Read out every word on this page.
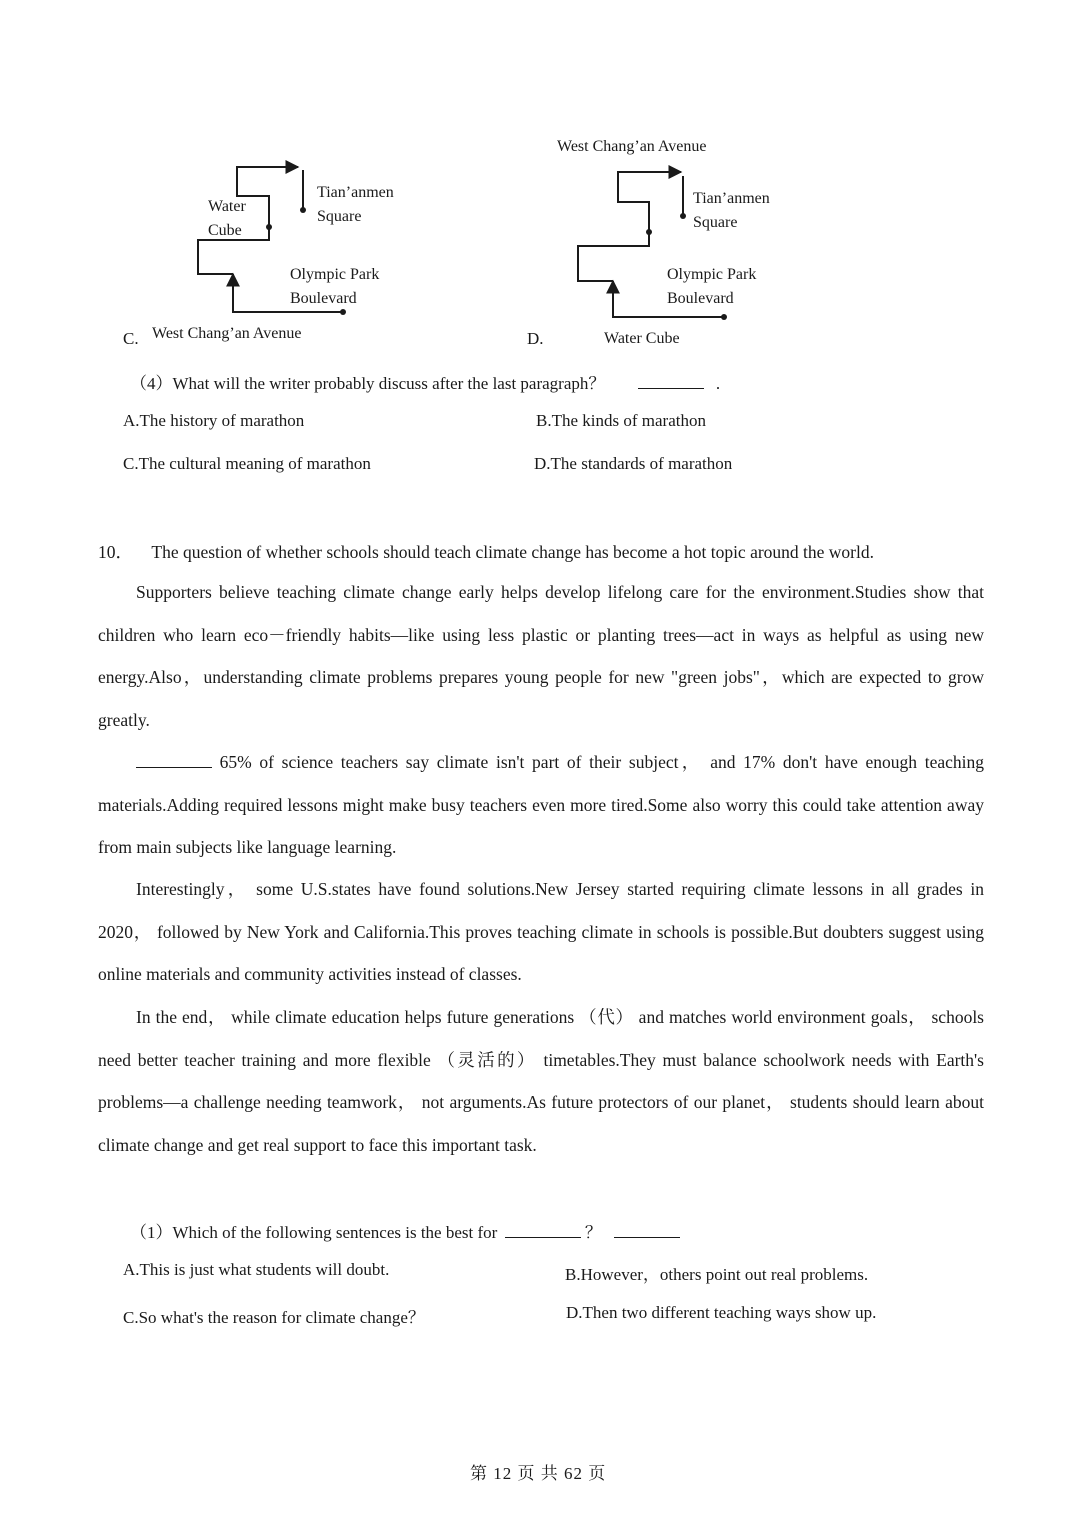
Water
Cube
Tian’anmen
Square
Olympic Park
Boulevard
C. West Chang’an Avenue
West Chang’an Avenue
Tian’anmen
Square
Olympic Park
Boulevard
D.	Water Cube
（4）What will the writer probably discuss after the last paragraph？	.
A.The history of marathon	B.The kinds of marathon
C.The cultural meaning of marathon	D.The standards of marathon
10． The question of whether schools should teach climate change has become a hot topic around the world.
Supporters believe teaching climate change early helps develop lifelong care for the environment.Studies show that children who learn eco－friendly habits—like using less plastic or planting trees—act in ways as helpful as using new energy.Also，understanding climate problems prepares young people for new "green jobs"，which are expected to grow greatly.
65% of science teachers say climate isn't part of their subject， and 17% don't have enough teaching materials.Adding required lessons might make busy teachers even more tired.Some also worry this could take attention away from main subjects like language learning.
Interestingly， some U.S.states have found solutions.New Jersey started requiring climate lessons in all grades in 2020， followed by New York and California.This proves teaching climate in schools is possible.But doubters suggest using online materials and community activities instead of classes.
In the end， while climate education helps future generations （代） and matches world environment goals， schools need better teacher training and more flexible （灵活的） timetables.They must balance schoolwork needs with Earth's problems—a challenge needing teamwork， not arguments.As future protectors of our planet， students should learn about climate change and get real support to face this important task.
（1）Which of the following sentences is the best for	？
A.This is just what students will doubt.	B.However，others point out real problems.
C.So what's the reason for climate change？	D.Then two different teaching ways show up.
第 12 页 共 62 页
